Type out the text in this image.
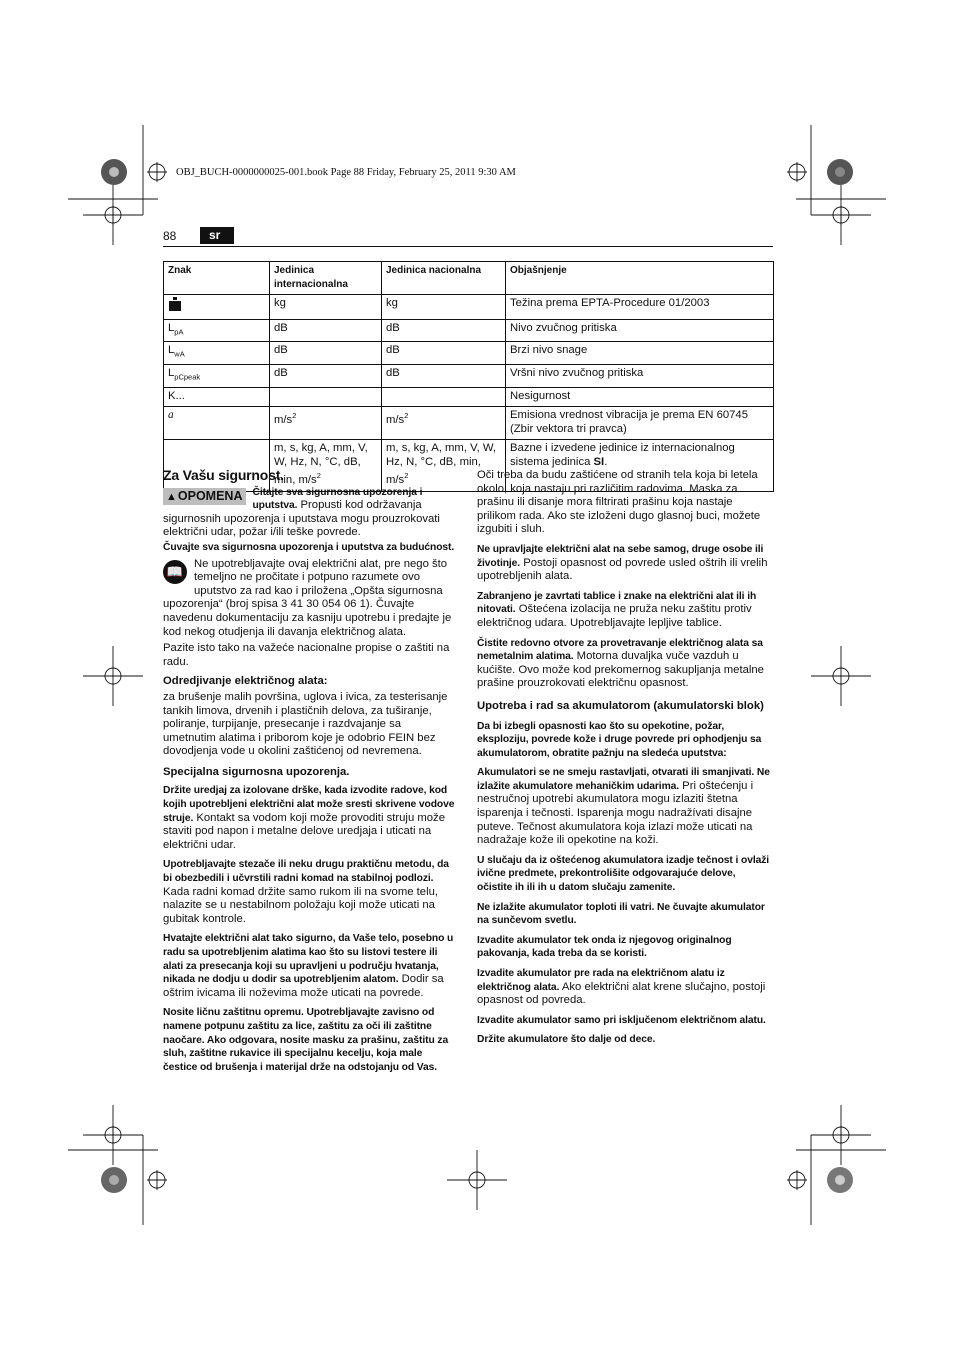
OBJ_BUCH-0000000025-001.book Page 88 Friday, February 25, 2011 9:30 AM
88	sr
Znak	Jedinica internacionalna	Jedinica nacionalna	Objašnjenje
	kg	kg	Težina prema EPTA-Procedure 01/2003
$L_{pA}$	dB	dB	Nivo zvučnog pritiska
$L_{wA}$	dB	dB	Brzi nivo snage
$L_{pCpeak}$	dB	dB	Vršni nivo zvučnog pritiska
K...			Nesigurnost
a	$m/s^2$	$m/s^2$	Emisiona vrednost vibracija je prema EN 60745 (Zbir vektora tri pravca)
	m, s, kg, A, mm, V, W, Hz, N, °C, dB, min, $m/s^2$	m, s, kg, A, mm, V, W, Hz, N, °C, dB, min, $m/s^2$	Bazne i izvedene jedinice iz internacionalnog sistema jedinica SI.
Za Vašu sigurnost.

▲OPOMENA Čitajte sva sigurnosna upozorenja i uputstva. Propusti kod održavanja sigurnosnih upozorenja i uputstava mogu prouzrokovati električni udar, požar i/ili teške povrede.

Čuvajte sva sigurnosna upozorenja i uputstva za budućnost.

📖 Ne upotrebljavajte ovaj električni alat, pre nego što temeljno ne pročitate i potpuno razumete ovo uputstvo za rad kao i priložena „Opšta sigurnosna upozorenja“ (broj spisa 3 41 30 054 06 1). Čuvajte navedenu dokumentaciju za kasniju upotrebu i predajte je kod nekog otudjenja ili davanja električnog alata.

Pazite isto tako na važeće nacionalne propise o zaštiti na radu.

Odredjivanje električnog alata:

za brušenje malih površina, uglova i ivica, za testerisanje tankih limova, drvenih i plastičnih delova, za tuširanje, poliranje, turpijanje, presecanje i razdvajanje sa umetnutim alatima i priborom koje je odobrio FEIN bez dovodjenja vode u okolini zaštićenoj od nevremena.

Specijalna sigurnosna upozorenja.

Držite uredjaj za izolovane drške, kada izvodite radove, kod kojih upotrebljeni električni alat može sresti skrivene vodove struje. Kontakt sa vodom koji može provoditi struju može staviti pod napon i metalne delove uredjaja i uticati na električni udar.

Upotrebljavajte stezače ili neku drugu praktičnu metodu, da bi obezbedili i učvrstili radni komad na stabilnoj podlozi. Kada radni komad držite samo rukom ili na svome telu, nalazite se u nestabilnom položaju koji može uticati na gubitak kontrole.

Hvatajte električni alat tako sigurno, da Vaše telo, posebno u radu sa upotrebljenim alatima kao što su listovi testere ili alati za presecanja koji su upravljeni u području hvatanja, nikada ne dodju u dodir sa upotrebljenim alatom. Dodir sa oštrim ivicama ili noževima može uticati na povrede.

Nosite ličnu zaštitnu opremu. Upotrebljavajte zavisno od namene potpunu zaštitu za lice, zaštitu za oči ili zaštitne naočare. Ako odgovara, nosite masku za prašinu, zaštitu za sluh, zaštitne rukavice ili specijalnu kecelju, koja male čestice od brušenja i materijal drže na odstojanju od Vas.

Oči treba da budu zaštićene od stranih tela koja bi letela okolo, koja nastaju pri različitim radovima. Maska za prašinu ili disanje mora filtrirati prašinu koja nastaje prilikom rada. Ako ste izloženi dugo glasnoj buci, možete izgubiti i sluh.

Ne upravljajte električni alat na sebe samog, druge osobe ili životinje. Postoji opasnost od povrede usled oštrih ili vrelih upotrebljenih alata.

Zabranjeno je zavrtati tablice i znake na električni alat ili ih nitovati. Oštećena izolacija ne pruža neku zaštitu protiv električnog udara. Upotrebljavajte lepljive tablice.

Čistite redovno otvore za provetravanje električnog alata sa nemetalnim alatima. Motorna duvaljka vuče vazduh u kućište. Ovo može kod prekomernog sakupljanja metalne prašine prouzrokovati električnu opasnost.

Upotreba i rad sa akumulatorom (akumulatorski blok)

Da bi izbegli opasnosti kao što su opekotine, požar, eksploziju, povrede kože i druge povrede pri ophodjenju sa akumulatorom, obratite pažnju na sledeća uputstva:

Akumulatori se ne smeju rastavljati, otvarati ili smanjivati. Ne izlažite akumulatore mehaničkim udarima. Pri oštećenju i nestručnoj upotrebi akumulatora mogu izlaziti štetna isparenja i tečnosti. Isparenja mogu nadražívati disajne puteve. Tečnost akumulatora koja izlazi može uticati na nadražaje kože ili opekotine na koži.

U slučaju da iz oštećenog akumulatora izadje tečnost i ovlaži ivične predmete, prekontrolišite odgovarajuće delove, očistite ih ili ih u datom slučaju zamenite.

Ne izlažite akumulator toploti ili vatri. Ne čuvajte akumulator na sunčevom svetlu.

Izvadite akumulator tek onda iz njegovog originalnog pakovanja, kada treba da se koristi.

Izvadite akumulator pre rada na električnom alatu iz električnog alata. Ako električni alat krene slučajno, postoji opasnost od povreda.

Izvadite akumulator samo pri isključenom električnom alatu.

Držite akumulatore što dalje od dece.
